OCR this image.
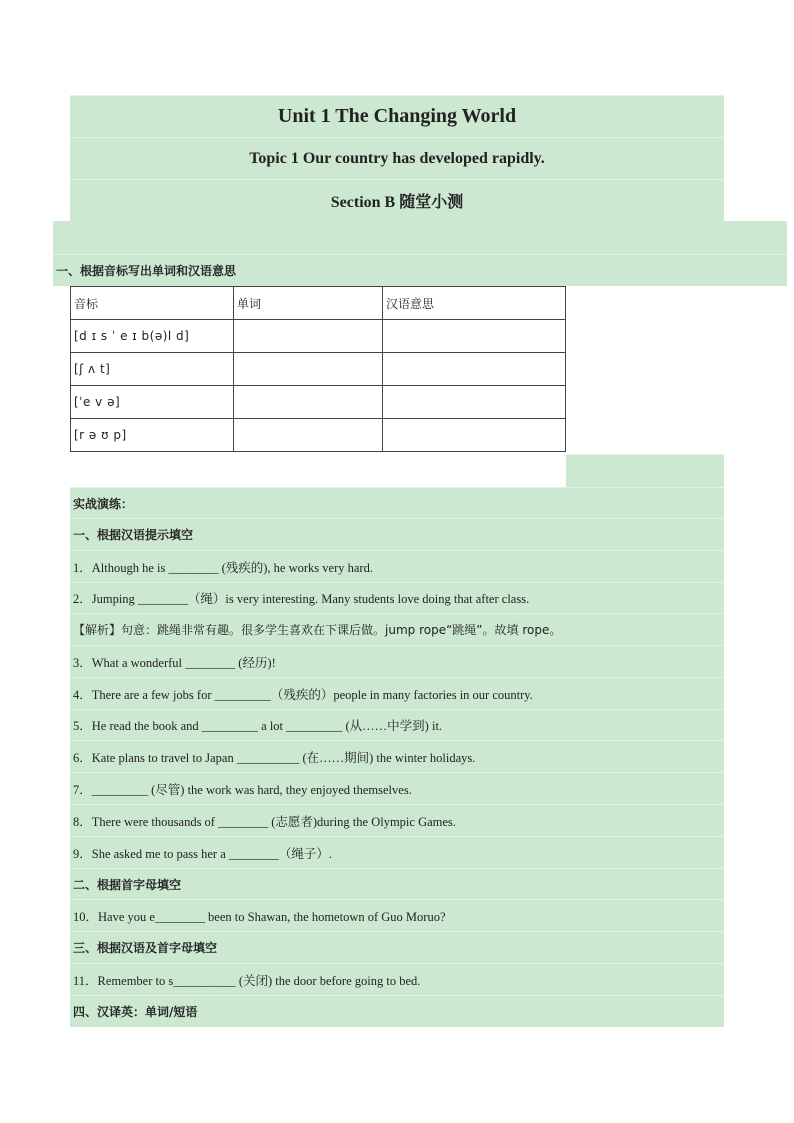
Unit 1 The Changing World
Topic 1 Our country has developed rapidly.
Section B 随堂小测
一、根据音标写出单词和汉语意思
音标	单词	汉语意思
[d ɪ s ˈ e ɪ b(ə)l d]		
[ʃ ʌ t]		
[ˈe v ə]		
[r ə ʊ p]		
实战演练：
一、根据汉语提示填空
1．Although he is ________ (残疾的), he works very hard.
2．Jumping ________（绳）is very interesting. Many students love doing that after class.
【解析】句意：跳绳非常有趣。很多学生喜欢在下课后做。jump rope“跳绳”。故填 rope。
3．What a wonderful ________ (经历)!
4．There are a few jobs for _________（残疾的）people in many factories in our country.
5．He read the book and _________ a lot _________ (从……中学到) it.
6．Kate plans to travel to Japan __________ (在……期间) the winter holidays.
7．_________ (尽管) the work was hard, they enjoyed themselves.
8．There were thousands of ________ (志愿者)during the Olympic Games.
9．She asked me to pass her a ________（绳子）.
二、根据首字母填空
10．Have you e________ been to Shawan, the hometown of Guo Moruo?
三、根据汉语及首字母填空
11．Remember to s__________ (关闭) the door before going to bed.
四、汉译英：单词/短语
